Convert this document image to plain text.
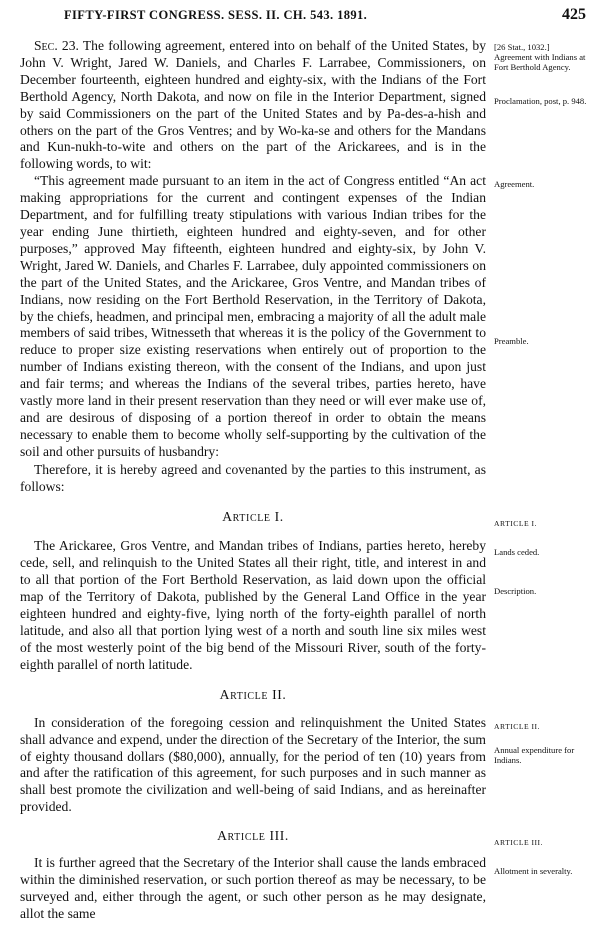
FIFTY-FIRST CONGRESS. SESS. II. CH. 543. 1891.	425

Sec. 23. The following agreement, entered into on behalf of the United States, by John V. Wright, Jared W. Daniels, and Charles F. Larrabee, Commissioners, on December fourteenth, eighteen hundred and eighty-six, with the Indians of the Fort Berthold Agency, North Dakota, and now on file in the Interior Department, signed by said Commissioners on the part of the United States and by Pa-des-a-hish and others on the part of the Gros Ventres; and by Wo-ka-se and others for the Mandans and Kun-nukh-to-wite and others on the part of the Arickarees, and is in the following words, to wit:

“This agreement made pursuant to an item in the act of Congress entitled “An act making appropriations for the current and contingent expenses of the Indian Department, and for fulfilling treaty stipulations with various Indian tribes for the year ending June thirtieth, eighteen hundred and eighty-seven, and for other purposes,” approved May fifteenth, eighteen hundred and eighty-six, by John V. Wright, Jared W. Daniels, and Charles F. Larrabee, duly appointed commissioners on the part of the United States, and the Arickaree, Gros Ventre, and Mandan tribes of Indians, now residing on the Fort Berthold Reservation, in the Territory of Dakota, by the chiefs, headmen, and principal men, embracing a majority of all the adult male members of said tribes, Witnesseth that whereas it is the policy of the Government to reduce to proper size existing reservations when entirely out of proportion to the number of Indians existing thereon, with the consent of the Indians, and upon just and fair terms; and whereas the Indians of the several tribes, parties hereto, have vastly more land in their present reservation than they need or will ever make use of, and are desirous of disposing of a portion thereof in order to obtain the means necessary to enable them to become wholly self-supporting by the cultivation of the soil and other pursuits of husbandry:

Therefore, it is hereby agreed and covenanted by the parties to this instrument, as follows:

Article I.

The Arickaree, Gros Ventre, and Mandan tribes of Indians, parties hereto, hereby cede, sell, and relinquish to the United States all their right, title, and interest in and to all that portion of the Fort Berthold Reservation, as laid down upon the official map of the Territory of Dakota, published by the General Land Office in the year eighteen hundred and eighty-five, lying north of the forty-eighth parallel of north latitude, and also all that portion lying west of a north and south line six miles west of the most westerly point of the big bend of the Missouri River, south of the forty-eighth parallel of north latitude.

Article II.

In consideration of the foregoing cession and relinquishment the United States shall advance and expend, under the direction of the Secretary of the Interior, the sum of eighty thousand dollars ($80,000), annually, for the period of ten (10) years from and after the ratification of this agreement, for such purposes and in such manner as shall best promote the civilization and well-being of said Indians, and as hereinafter provided.

Article III.

It is further agreed that the Secretary of the Interior shall cause the lands embraced within the diminished reservation, or such portion thereof as may be necessary, to be surveyed and, either through the agent, or such other person as he may designate, allot the same

[26 Stat., 1032.]
Agreement with Indians at Fort Berthold Agency.
Proclamation, post, p. 948.
Agreement.
Preamble.
ARTICLE I.
Lands ceded.
Description.
ARTICLE II.
Annual expenditure for Indians.
ARTICLE III.
Allotment in severalty.
